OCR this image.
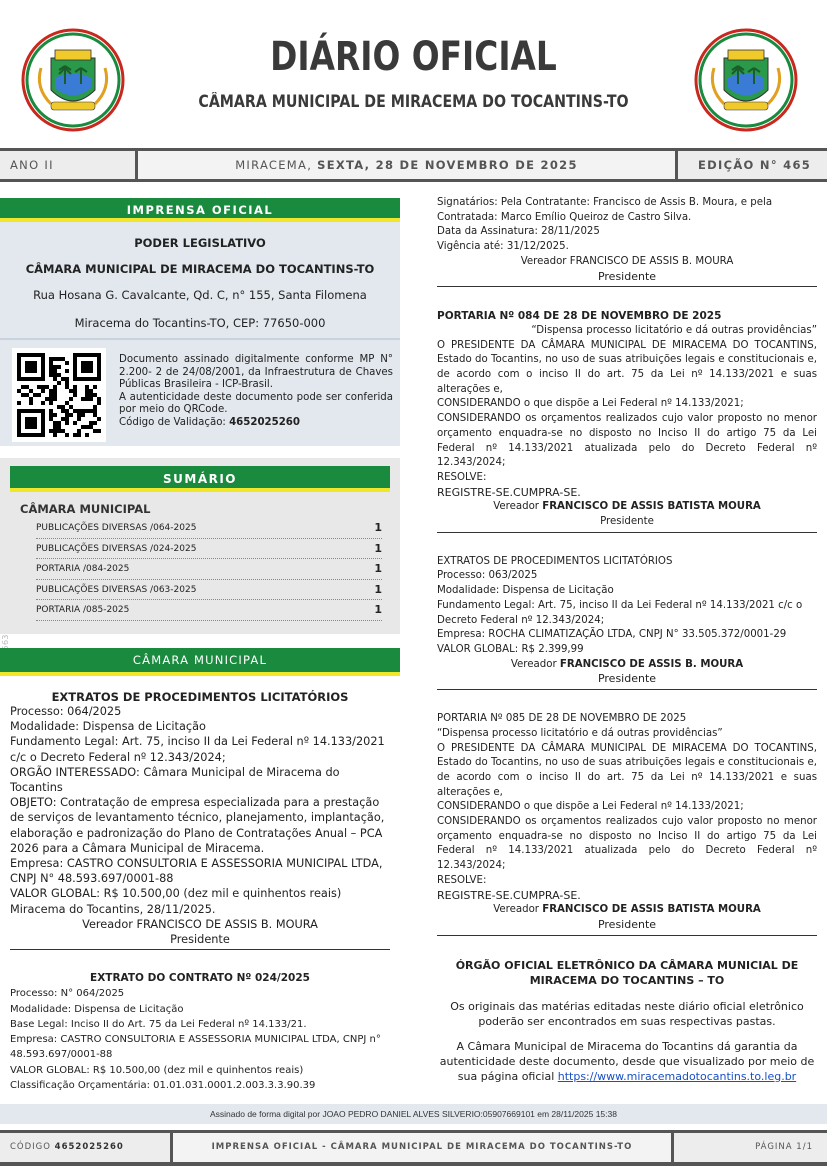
DIÁRIO OFICIAL
CÂMARA MUNICIPAL DE MIRACEMA DO TOCANTINS-TO
ANO II	MIRACEMA, SEXTA, 28 DE NOVEMBRO DE 2025	EDIÇÃO N° 465
IMPRENSA OFICIAL
PODER LEGISLATIVO
CÂMARA MUNICIPAL DE MIRACEMA DO TOCANTINS-TO
Rua Hosana G. Cavalcante, Qd. C, n° 155, Santa Filomena
Miracema do Tocantins-TO, CEP: 77650-000
Documento assinado digitalmente conforme MP N° 2.200- 2 de 24/08/2001, da Infraestrutura de Chaves Públicas Brasileira - ICP-Brasil.
A autenticidade deste documento pode ser conferida por meio do QRCode.
Código de Validação: 4652025260
SUMÁRIO
CÂMARA MUNICIPAL
PUBLICAÇÕES DIVERSAS /064-2025	1
PUBLICAÇÕES DIVERSAS /024-2025	1
PORTARIA /084-2025	1
PUBLICAÇÕES DIVERSAS /063-2025	1
PORTARIA /085-2025	1
CÂMARA MUNICIPAL
EXTRATOS DE PROCEDIMENTOS LICITATÓRIOS

Processo: 064/2025

Modalidade: Dispensa de Licitação

Fundamento Legal: Art. 75, inciso II da Lei Federal nº 14.133/2021 c/c o Decreto Federal nº 12.343/2024;

ORGÃO INTERESSADO: Câmara Municipal de Miracema do Tocantins

OBJETO: Contratação de empresa especializada para a prestação de serviços de levantamento técnico, planejamento, implantação, elaboração e padronização do Plano de Contratações Anual – PCA 2026 para a Câmara Municipal de Miracema.

Empresa: CASTRO CONSULTORIA E ASSESSORIA MUNICIPAL LTDA, CNPJ N° 48.593.697/0001-88

VALOR GLOBAL: R$ 10.500,00 (dez mil e quinhentos reais)

Miracema do Tocantins, 28/11/2025.

Vereador FRANCISCO DE ASSIS B. MOURA

Presidente

EXTRATO DO CONTRATO Nº 024/2025

Processo: N° 064/2025

Modalidade: Dispensa de Licitação

Base Legal: Inciso II do Art. 75 da Lei Federal nº 14.133/21.

Empresa: CASTRO CONSULTORIA E ASSESSORIA MUNICIPAL LTDA, CNPJ n° 48.593.697/0001-88

VALOR GLOBAL: R$ 10.500,00 (dez mil e quinhentos reais)

Classificação Orçamentária: 01.01.031.0001.2.003.3.3.90.39

Signatários: Pela Contratante: Francisco de Assis B. Moura, e pela Contratada: Marco Emílio Queiroz de Castro Silva.

Data da Assinatura: 28/11/2025

Vigência até: 31/12/2025.

Vereador FRANCISCO DE ASSIS B. MOURA

Presidente

PORTARIA Nº 084 DE 28 DE NOVEMBRO DE 2025

“Dispensa processo licitatório e dá outras providências”

O PRESIDENTE DA CÂMARA MUNICIPAL DE MIRACEMA DO TOCANTINS, Estado do Tocantins, no uso de suas atribuições legais e constitucionais e, de acordo com o inciso II do art. 75 da Lei nº 14.133/2021 e suas alterações e,

CONSIDERANDO o que dispõe a Lei Federal nº 14.133/2021;

CONSIDERANDO os orçamentos realizados cujo valor proposto no menor orçamento enquadra-se no disposto no Inciso II do artigo 75 da Lei Federal nº 14.133/2021 atualizada pelo do Decreto Federal nº 12.343/2024;

RESOLVE:

REGISTRE-SE.CUMPRA-SE.

Vereador FRANCISCO DE ASSIS BATISTA MOURA

Presidente

EXTRATOS DE PROCEDIMENTOS LICITATÓRIOS

Processo: 063/2025

Modalidade: Dispensa de Licitação

Fundamento Legal: Art. 75, inciso II da Lei Federal nº 14.133/2021 c/c o Decreto Federal nº 12.343/2024;

Empresa: ROCHA CLIMATIZAÇÃO LTDA, CNPJ N° 33.505.372/0001-29

VALOR GLOBAL: R$ 2.399,99

Vereador FRANCISCO DE ASSIS B. MOURA

Presidente

PORTARIA Nº 085 DE 28 DE NOVEMBRO DE 2025

“Dispensa processo licitatório e dá outras providências”

O PRESIDENTE DA CÂMARA MUNICIPAL DE MIRACEMA DO TOCANTINS, Estado do Tocantins, no uso de suas atribuições legais e constitucionais e, de acordo com o inciso II do art. 75 da Lei nº 14.133/2021 e suas alterações e,

CONSIDERANDO o que dispõe a Lei Federal nº 14.133/2021;

CONSIDERANDO os orçamentos realizados cujo valor proposto no menor orçamento enquadra-se no disposto no Inciso II do artigo 75 da Lei Federal nº 14.133/2021 atualizada pelo do Decreto Federal nº 12.343/2024;

RESOLVE:

REGISTRE-SE.CUMPRA-SE.

Vereador FRANCISCO DE ASSIS BATISTA MOURA

Presidente

ÓRGÃO OFICIAL ELETRÔNICO DA CÂMARA MUNICIAL DE MIRACEMA DO TOCANTINS – TO

Os originais das matérias editadas neste diário oficial eletrônico poderão ser encontrados em suas respectivas pastas.

A Câmara Municipal de Miracema do Tocantins dá garantia da autenticidade deste documento, desde que visualizado por meio de sua página oficial https://www.miracemadotocantins.to.leg.br

Assinado de forma digital por JOAO PEDRO DANIEL ALVES SILVERIO:05907669101 em 28/11/2025 15:38
CÓDIGO 4652025260	IMPRENSA OFICIAL - CÂMARA MUNICIPAL DE MIRACEMA DO TOCANTINS-TO	PÁGINA 1/1
